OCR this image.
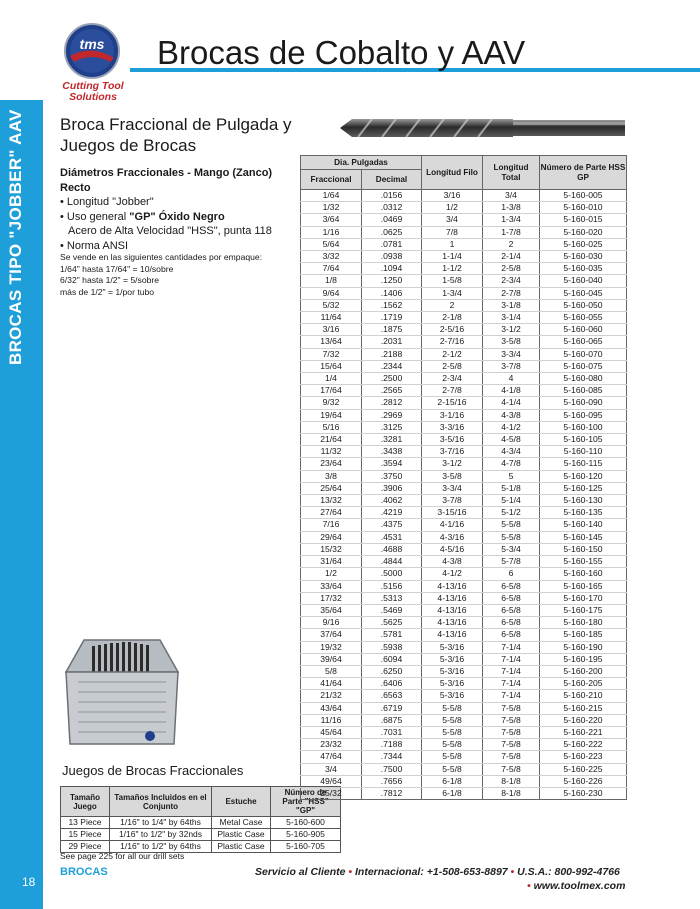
BROCAS TIPO "JOBBER" AAV
tms
Cutting Tool
Solutions
Brocas de Cobalto y AAV
Broca Fraccional de Pulgada y Juegos de Brocas
Diámetros Fraccionales - Mango (Zanco) Recto
• Longitud "Jobber"
• Uso general "GP" Óxido Negro
Acero de Alta Velocidad "HSS", punta 118
• Norma ANSI
Se vende en las siguientes cantidades por empaque:
1/64" hasta 17/64" = 10/sobre
6/32" hasta 1/2" = 5/sobre
más de 1/2" = 1/por tubo
Juegos de Brocas Fraccionales
Tamaño Juego	Tamaños Incluidos en el Conjunto	Estuche	Número de Parte "HSS" "GP"
13 Piece	1/16" to 1/4" by 64ths	Metal Case	5-160-600
15 Piece	1/16" to 1/2" by 32nds	Plastic Case	5-160-905
29 Piece	1/16" to 1/2" by 64ths	Plastic Case	5-160-705
See page 225 for all our drill sets
Dia. Pulgadas		Longitud Filo	Longitud Total	Número de Parte HSS GP
Fraccional	Decimal			
1/64	.0156	3/16	3/4	5-160-005
1/32	.0312	1/2	1-3/8	5-160-010
3/64	.0469	3/4	1-3/4	5-160-015
1/16	.0625	7/8	1-7/8	5-160-020
5/64	.0781	1	2	5-160-025
3/32	.0938	1-1/4	2-1/4	5-160-030
7/64	.1094	1-1/2	2-5/8	5-160-035
1/8	.1250	1-5/8	2-3/4	5-160-040
9/64	.1406	1-3/4	2-7/8	5-160-045
5/32	.1562	2	3-1/8	5-160-050
11/64	.1719	2-1/8	3-1/4	5-160-055
3/16	.1875	2-5/16	3-1/2	5-160-060
13/64	.2031	2-7/16	3-5/8	5-160-065
7/32	.2188	2-1/2	3-3/4	5-160-070
15/64	.2344	2-5/8	3-7/8	5-160-075
1/4	.2500	2-3/4	4	5-160-080
17/64	.2565	2-7/8	4-1/8	5-160-085
9/32	.2812	2-15/16	4-1/4	5-160-090
19/64	.2969	3-1/16	4-3/8	5-160-095
5/16	.3125	3-3/16	4-1/2	5-160-100
21/64	.3281	3-5/16	4-5/8	5-160-105
11/32	.3438	3-7/16	4-3/4	5-160-110
23/64	.3594	3-1/2	4-7/8	5-160-115
3/8	.3750	3-5/8	5	5-160-120
25/64	.3906	3-3/4	5-1/8	5-160-125
13/32	.4062	3-7/8	5-1/4	5-160-130
27/64	.4219	3-15/16	5-1/2	5-160-135
7/16	.4375	4-1/16	5-5/8	5-160-140
29/64	.4531	4-3/16	5-5/8	5-160-145
15/32	.4688	4-5/16	5-3/4	5-160-150
31/64	.4844	4-3/8	5-7/8	5-160-155
1/2	.5000	4-1/2	6	5-160-160
33/64	.5156	4-13/16	6-5/8	5-160-165
17/32	.5313	4-13/16	6-5/8	5-160-170
35/64	.5469	4-13/16	6-5/8	5-160-175
9/16	.5625	4-13/16	6-5/8	5-160-180
37/64	.5781	4-13/16	6-5/8	5-160-185
19/32	.5938	5-3/16	7-1/4	5-160-190
39/64	.6094	5-3/16	7-1/4	5-160-195
5/8	.6250	5-3/16	7-1/4	5-160-200
41/64	.6406	5-3/16	7-1/4	5-160-205
21/32	.6563	5-3/16	7-1/4	5-160-210
43/64	.6719	5-5/8	7-5/8	5-160-215
11/16	.6875	5-5/8	7-5/8	5-160-220
45/64	.7031	5-5/8	7-5/8	5-160-221
23/32	.7188	5-5/8	7-5/8	5-160-222
47/64	.7344	5-5/8	7-5/8	5-160-223
3/4	.7500	5-5/8	7-5/8	5-160-225
49/64	.7656	6-1/8	8-1/8	5-160-226
25/32	.7812	6-1/8	8-1/8	5-160-230
18
BROCAS	Servicio al Cliente • Internacional: +1-508-653-8897 • U.S.A.: 800-992-4766
• www.toolmex.com
